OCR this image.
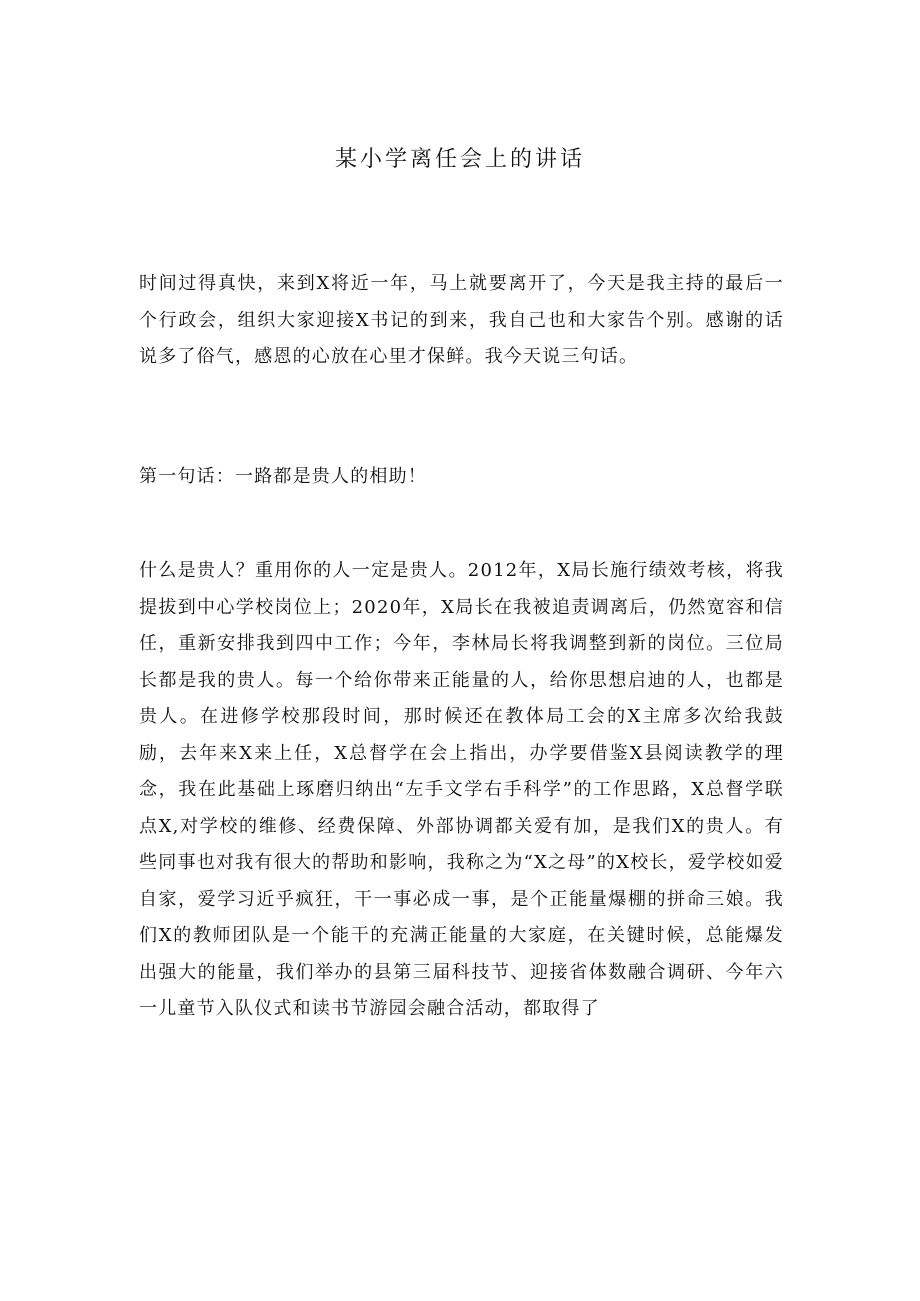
某小学离任会上的讲话

时间过得真快，来到X将近一年，马上就要离开了，今天是我主持的最后一个行政会，组织大家迎接X书记的到来，我自己也和大家告个别。感谢的话说多了俗气，感恩的心放在心里才保鲜。我今天说三句话。

第一句话：一路都是贵人的相助！

什么是贵人？重用你的人一定是贵人。2012年，X局长施行绩效考核，将我提拔到中心学校岗位上；2020年，X局长在我被追责调离后，仍然宽容和信任，重新安排我到四中工作；今年，李林局长将我调整到新的岗位。三位局长都是我的贵人。每一个给你带来正能量的人，给你思想启迪的人，也都是贵人。在进修学校那段时间，那时候还在教体局工会的X主席多次给我鼓励，去年来X来上任，X总督学在会上指出，办学要借鉴X县阅读教学的理念，我在此基础上琢磨归纳出“左手文学右手科学”的工作思路，X总督学联点X,对学校的维修、经费保障、外部协调都关爱有加，是我们X的贵人。有些同事也对我有很大的帮助和影响，我称之为“X之母”的X校长，爱学校如爱自家，爱学习近乎疯狂，干一事必成一事，是个正能量爆棚的拼命三娘。我们X的教师团队是一个能干的充满正能量的大家庭，在关键时候，总能爆发出强大的能量，我们举办的县第三届科技节、迎接省体数融合调研、今年六一儿童节入队仪式和读书节游园会融合活动，都取得了
